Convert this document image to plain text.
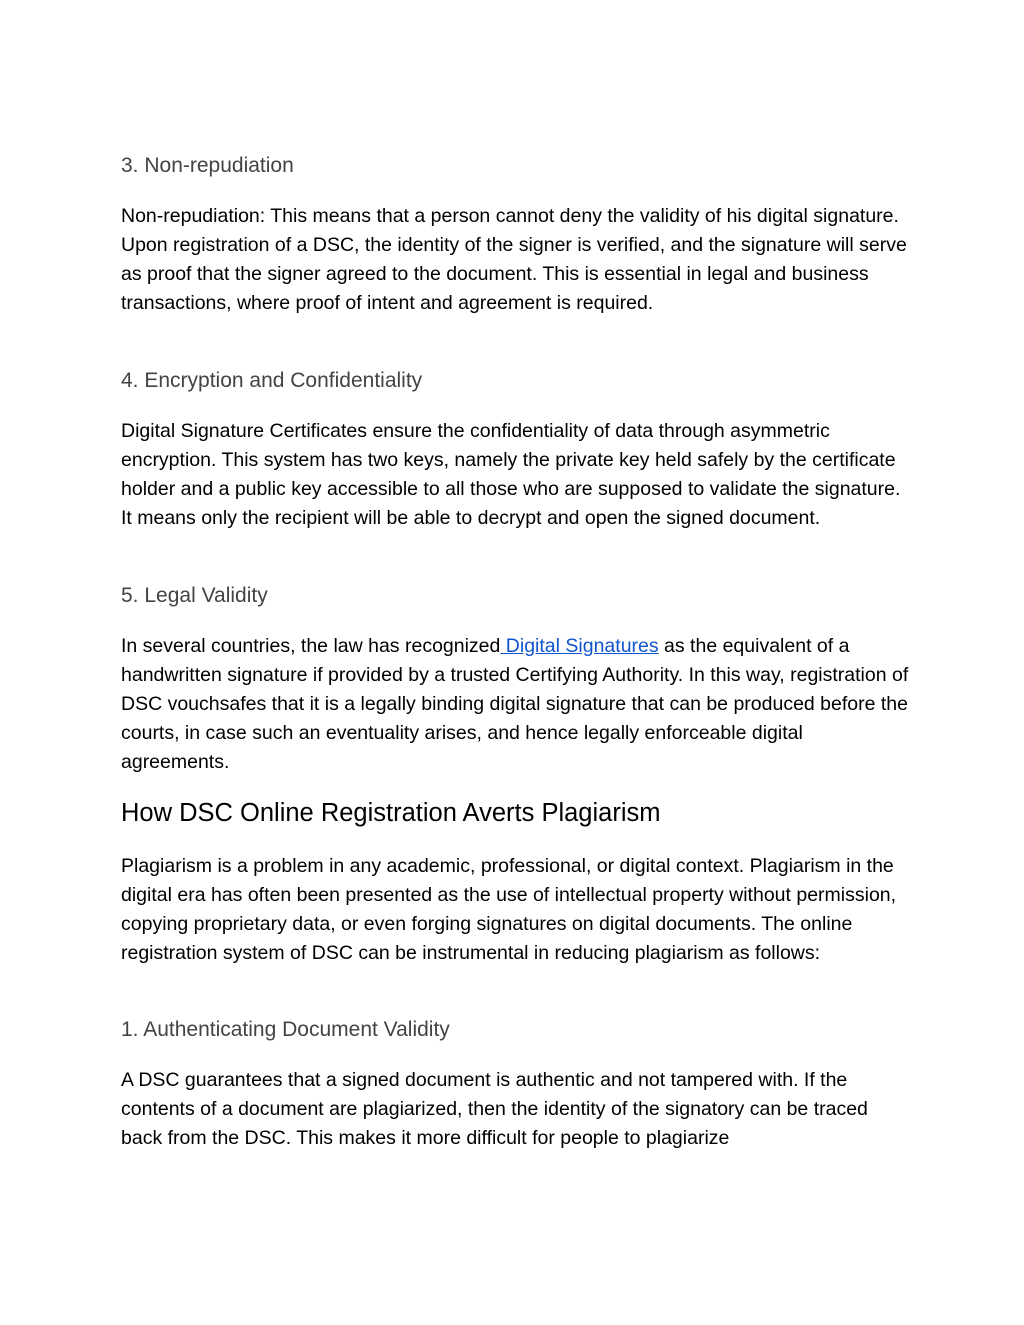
3. Non-repudiation

Non-repudiation: This means that a person cannot deny the validity of his digital signature. Upon registration of a DSC, the identity of the signer is verified, and the signature will serve as proof that the signer agreed to the document. This is essential in legal and business transactions, where proof of intent and agreement is required.

4. Encryption and Confidentiality

Digital Signature Certificates ensure the confidentiality of data through asymmetric encryption. This system has two keys, namely the private key held safely by the certificate holder and a public key accessible to all those who are supposed to validate the signature. It means only the recipient will be able to decrypt and open the signed document.

5. Legal Validity

In several countries, the law has recognized Digital Signatures as the equivalent of a handwritten signature if provided by a trusted Certifying Authority. In this way, registration of DSC vouchsafes that it is a legally binding digital signature that can be produced before the courts, in case such an eventuality arises, and hence legally enforceable digital agreements.

How DSC Online Registration Averts Plagiarism

Plagiarism is a problem in any academic, professional, or digital context. Plagiarism in the digital era has often been presented as the use of intellectual property without permission, copying proprietary data, or even forging signatures on digital documents. The online registration system of DSC can be instrumental in reducing plagiarism as follows:

1. Authenticating Document Validity

A DSC guarantees that a signed document is authentic and not tampered with. If the contents of a document are plagiarized, then the identity of the signatory can be traced back from the DSC. This makes it more difficult for people to plagiarize
